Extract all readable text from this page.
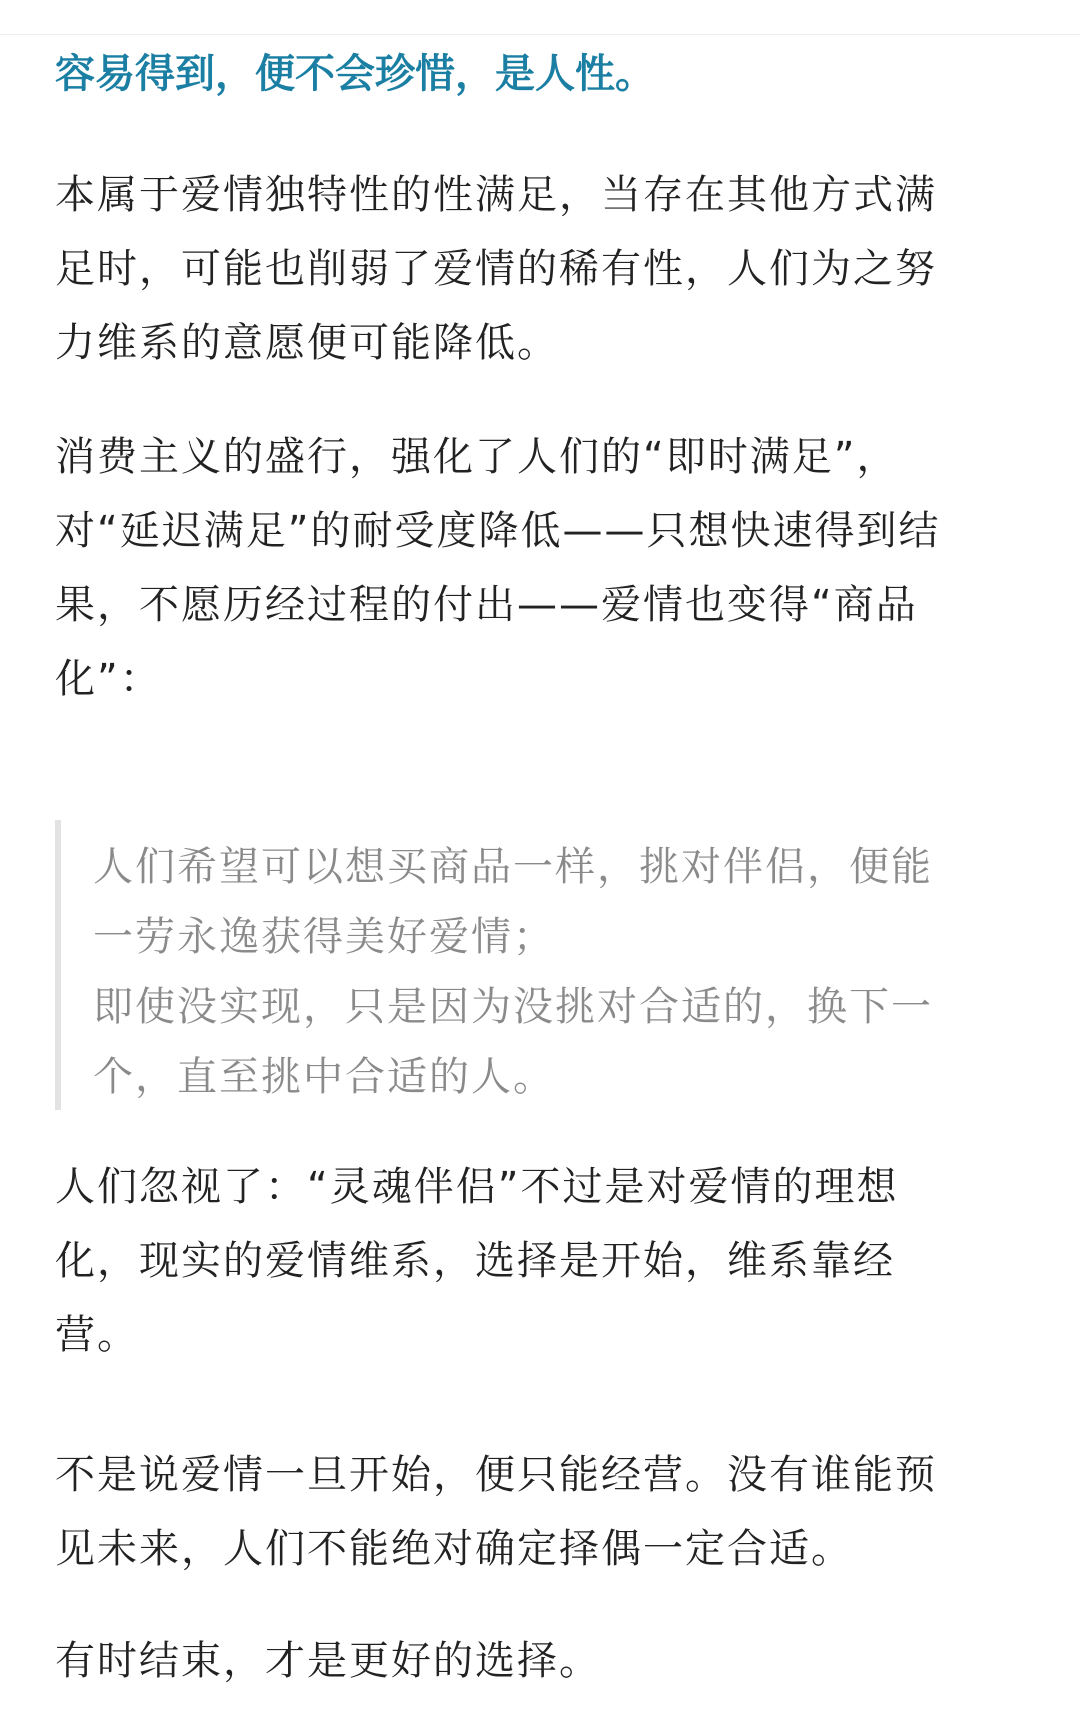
容易得到，便不会珍惜，是人性。
本属于爱情独特性的性满足，当存在其他方式满
足时，可能也削弱了爱情的稀有性，人们为之努
力维系的意愿便可能降低。
消费主义的盛行，强化了人们的“即时满足”，
对“延迟满足”的耐受度降低——只想快速得到结
果，不愿历经过程的付出——爱情也变得“商品
化”：
人们希望可以想买商品一样，挑对伴侣，便能
一劳永逸获得美好爱情；
即使没实现，只是因为没挑对合适的，换下一
个，直至挑中合适的人。
人们忽视了：“灵魂伴侣”不过是对爱情的理想
化，现实的爱情维系，选择是开始，维系靠经
营。
不是说爱情一旦开始，便只能经营。没有谁能预
见未来，人们不能绝对确定择偶一定合适。
有时结束，才是更好的选择。
